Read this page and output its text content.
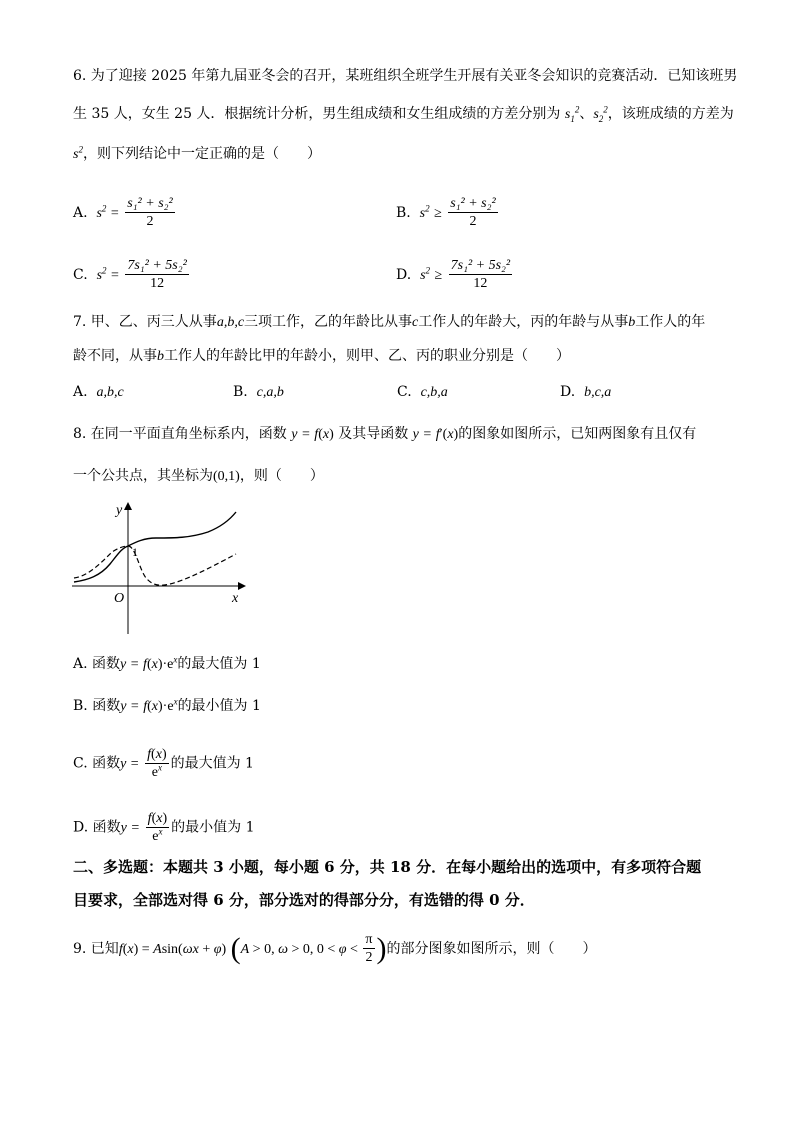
6. 为了迎接 2025 年第九届亚冬会的召开，某班组织全班学生开展有关亚冬会知识的竞赛活动．已知该班男
生 35 人，女生 25 人．根据统计分析，男生组成绩和女生组成绩的方差分别为 $s_1^2$、$s_2^2$，该班成绩的方差为
$s^2$，则下列结论中一定正确的是（　　）
A. $s^2 = \frac{\text{s₁² + s₂²}}{2}$	B. $s^2 \ge \frac{\text{s₁² + s₂²}}{2}$
C. $s^2 = \frac{\text{7s₁² + 5s₂²}}{12}$	D. $s^2 \ge \frac{\text{7s₁² + 5s₂²}}{12}$
7. 甲、乙、丙三人从事a,b,c三项工作，乙的年龄比从事c工作人的年龄大，丙的年龄与从事b工作人的年
龄不同，从事b工作人的年龄比甲的年龄小，则甲、乙、丙的职业分别是（　　）
A. a,b,c	B. c,a,b	C. c,b,a	D. b,c,a
8. 在同一平面直角坐标系内，函数 y = f(x) 及其导函数 y = f′(x)的图象如图所示，已知两图象有且仅有
一个公共点，其坐标为(0,1)，则（　　）
y
x
O
1
A. 函数$y = f(x)\cdot e^x$的最大值为 1
B. 函数$y = f(x)\cdot e^x$的最小值为 1
C. 函数$y = \frac{f(x)}{e^x}$ 的最大值为 1
D. 函数$y = \frac{f(x)}{e^x}$ 的最小值为 1
二、多选题：本题共 3 小题，每小题 6 分，共 18 分．在每小题给出的选项中，有多项符合题
目要求，全部选对得 6 分，部分选对的得部分分，有选错的得 0 分．
9. 已知f(x) = Asin(ωx + φ) (A > 0, ω > 0, $0 < \varphi < \frac{\pi}{2}$ )的部分图象如图所示，则（　　）
